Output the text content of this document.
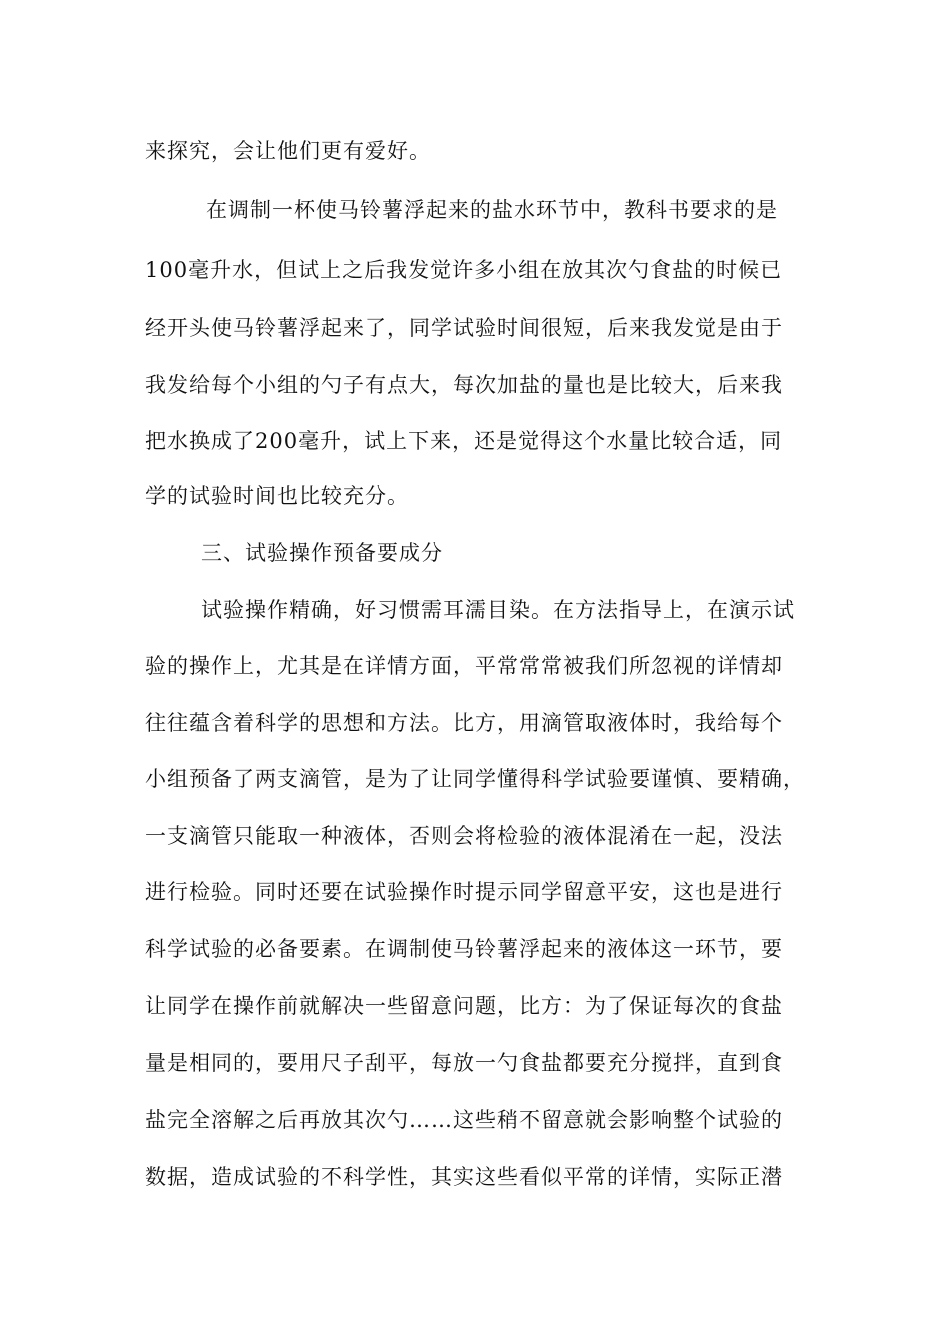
来探究，会让他们更有爱好。

在调制一杯使马铃薯浮起来的盐水环节中，教科书要求的是

100毫升水，但试上之后我发觉许多小组在放其次勺食盐的时候已

经开头使马铃薯浮起来了，同学试验时间很短，后来我发觉是由于

我发给每个小组的勺子有点大，每次加盐的量也是比较大，后来我

把水换成了200毫升，试上下来，还是觉得这个水量比较合适，同

学的试验时间也比较充分。

三、试验操作预备要成分

试验操作精确，好习惯需耳濡目染。在方法指导上，在演示试

验的操作上，尤其是在详情方面，平常常常被我们所忽视的详情却

往往蕴含着科学的思想和方法。比方，用滴管取液体时，我给每个

小组预备了两支滴管，是为了让同学懂得科学试验要谨慎、要精确，

一支滴管只能取一种液体，否则会将检验的液体混淆在一起，没法

进行检验。同时还要在试验操作时提示同学留意平安，这也是进行

科学试验的必备要素。在调制使马铃薯浮起来的液体这一环节，要

让同学在操作前就解决一些留意问题，比方：为了保证每次的食盐

量是相同的，要用尺子刮平，每放一勺食盐都要充分搅拌，直到食

盐完全溶解之后再放其次勺……这些稍不留意就会影响整个试验的

数据，造成试验的不科学性，其实这些看似平常的详情，实际正潜
